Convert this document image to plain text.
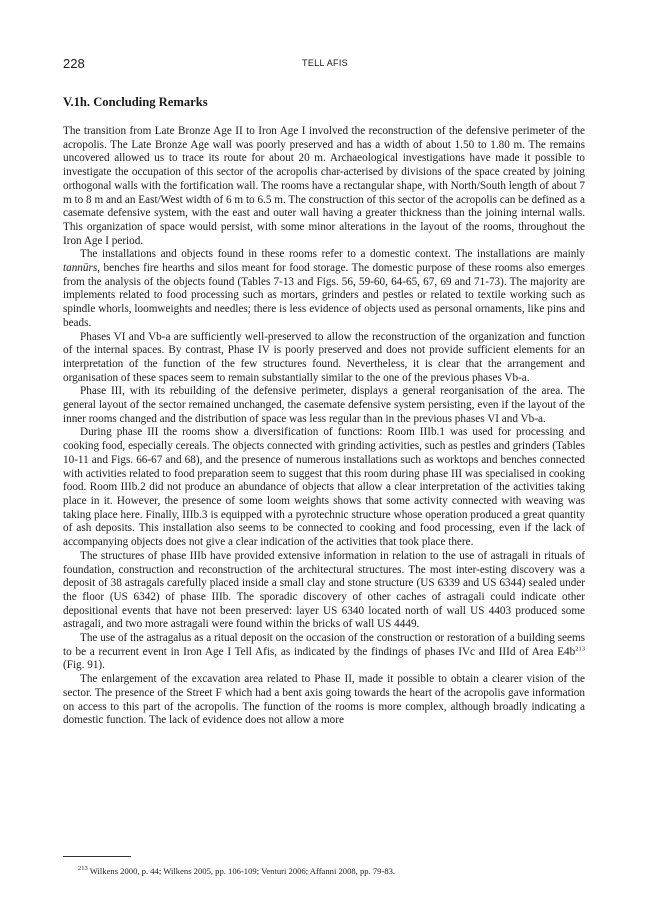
228	TELL AFIS
V.1h. Concluding Remarks

The transition from Late Bronze Age II to Iron Age I involved the reconstruction of the defensive perimeter of the acropolis. The Late Bronze Age wall was poorly preserved and has a width of about 1.50 to 1.80 m. The remains uncovered allowed us to trace its route for about 20 m. Archaeological investigations have made it possible to investigate the occupation of this sector of the acropolis char-acterised by divisions of the space created by joining orthogonal walls with the fortification wall. The rooms have a rectangular shape, with North/South length of about 7 m to 8 m and an East/West width of 6 m to 6.5 m. The construction of this sector of the acropolis can be defined as a casemate defensive system, with the east and outer wall having a greater thickness than the joining internal walls. This organization of space would persist, with some minor alterations in the layout of the rooms, throughout the Iron Age I period.

The installations and objects found in these rooms refer to a domestic context. The installations are mainly tannūrs, benches fire hearths and silos meant for food storage. The domestic purpose of these rooms also emerges from the analysis of the objects found (Tables 7-13 and Figs. 56, 59-60, 64-65, 67, 69 and 71-73). The majority are implements related to food processing such as mortars, grinders and pestles or related to textile working such as spindle whorls, loomweights and needles; there is less evidence of objects used as personal ornaments, like pins and beads.

Phases VI and Vb-a are sufficiently well-preserved to allow the reconstruction of the organization and function of the internal spaces. By contrast, Phase IV is poorly preserved and does not provide sufficient elements for an interpretation of the function of the few structures found. Nevertheless, it is clear that the arrangement and organisation of these spaces seem to remain substantially similar to the one of the previous phases Vb-a.

Phase III, with its rebuilding of the defensive perimeter, displays a general reorganisation of the area. The general layout of the sector remained unchanged, the casemate defensive system persisting, even if the layout of the inner rooms changed and the distribution of space was less regular than in the previous phases VI and Vb-a.

During phase III the rooms show a diversification of functions: Room IIIb.1 was used for processing and cooking food, especially cereals. The objects connected with grinding activities, such as pestles and grinders (Tables 10-11 and Figs. 66-67 and 68), and the presence of numerous installations such as worktops and benches connected with activities related to food preparation seem to suggest that this room during phase III was specialised in cooking food. Room IIIb.2 did not produce an abundance of objects that allow a clear interpretation of the activities taking place in it. However, the presence of some loom weights shows that some activity connected with weaving was taking place here. Finally, IIIb.3 is equipped with a pyrotechnic structure whose operation produced a great quantity of ash deposits. This installation also seems to be connected to cooking and food processing, even if the lack of accompanying objects does not give a clear indication of the activities that took place there.

The structures of phase IIIb have provided extensive information in relation to the use of astragali in rituals of foundation, construction and reconstruction of the architectural structures. The most inter-esting discovery was a deposit of 38 astragals carefully placed inside a small clay and stone structure (US 6339 and US 6344) sealed under the floor (US 6342) of phase IIIb. The sporadic discovery of other caches of astragali could indicate other depositional events that have not been preserved: layer US 6340 located north of wall US 4403 produced some astragali, and two more astragali were found within the bricks of wall US 4449.

The use of the astragalus as a ritual deposit on the occasion of the construction or restoration of a building seems to be a recurrent event in Iron Age I Tell Afis, as indicated by the findings of phases IVc and IIId of Area $E4b^{213}$ (Fig. 91).

The enlargement of the excavation area related to Phase II, made it possible to obtain a clearer vision of the sector. The presence of the Street F which had a bent axis going towards the heart of the acropolis gave information on access to this part of the acropolis. The function of the rooms is more complex, although broadly indicating a domestic function. The lack of evidence does not allow a more

$^{213}$ Wilkens 2000, p. 44; Wilkens 2005, pp. 106-109; Venturi 2006; Affanni 2008, pp. 79-83.
